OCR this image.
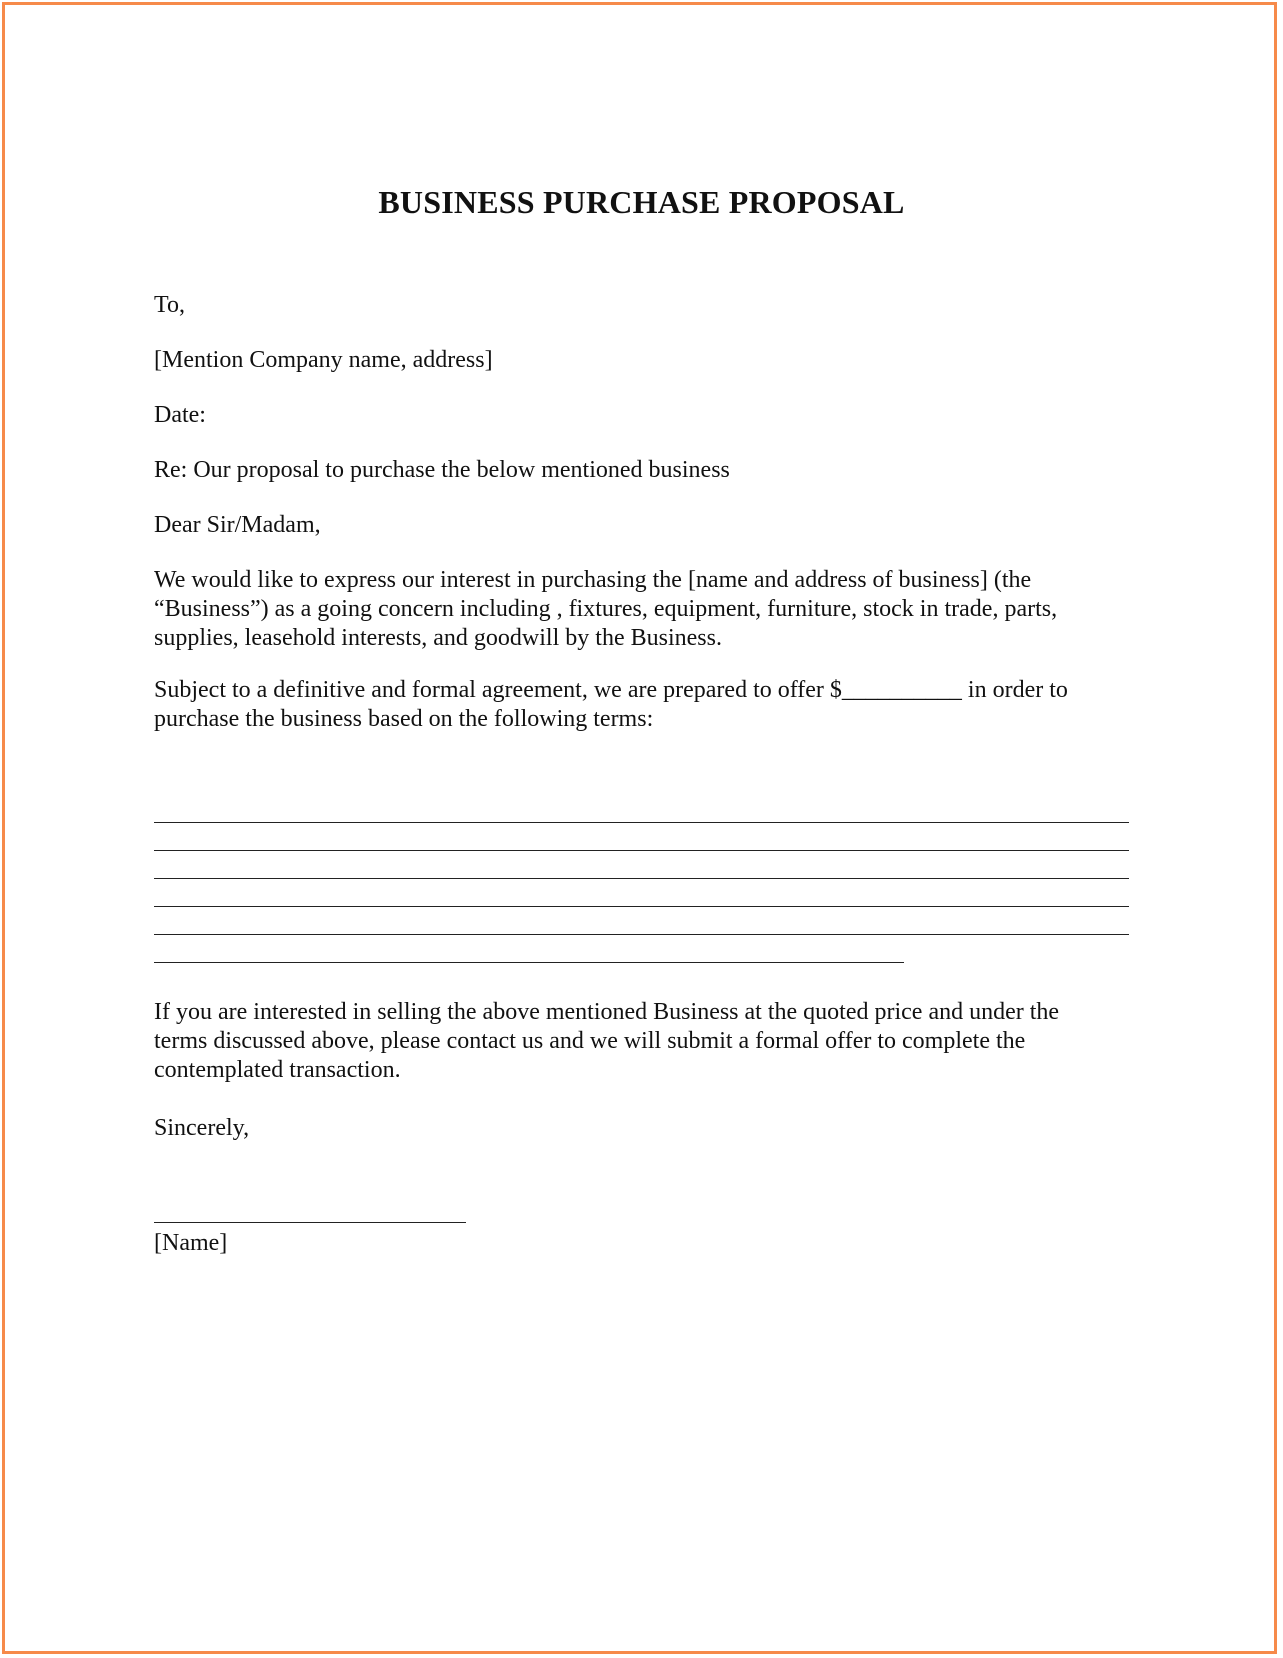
BUSINESS PURCHASE PROPOSAL

To,

[Mention Company name, address]

Date:

Re: Our proposal to purchase the below mentioned business

Dear Sir/Madam,

We would like to express our interest in purchasing the [name and address of business] (the
“Business”) as a going concern including , fixtures, equipment, furniture, stock in trade, parts,
supplies, leasehold interests, and goodwill by the Business.
Subject to a definitive and formal agreement, we are prepared to offer $__________ in order to
purchase the business based on the following terms:
If you are interested in selling the above mentioned Business at the quoted price and under the
terms discussed above, please contact us and we will submit a formal offer to complete the
contemplated transaction.

Sincerely,

[Name]
